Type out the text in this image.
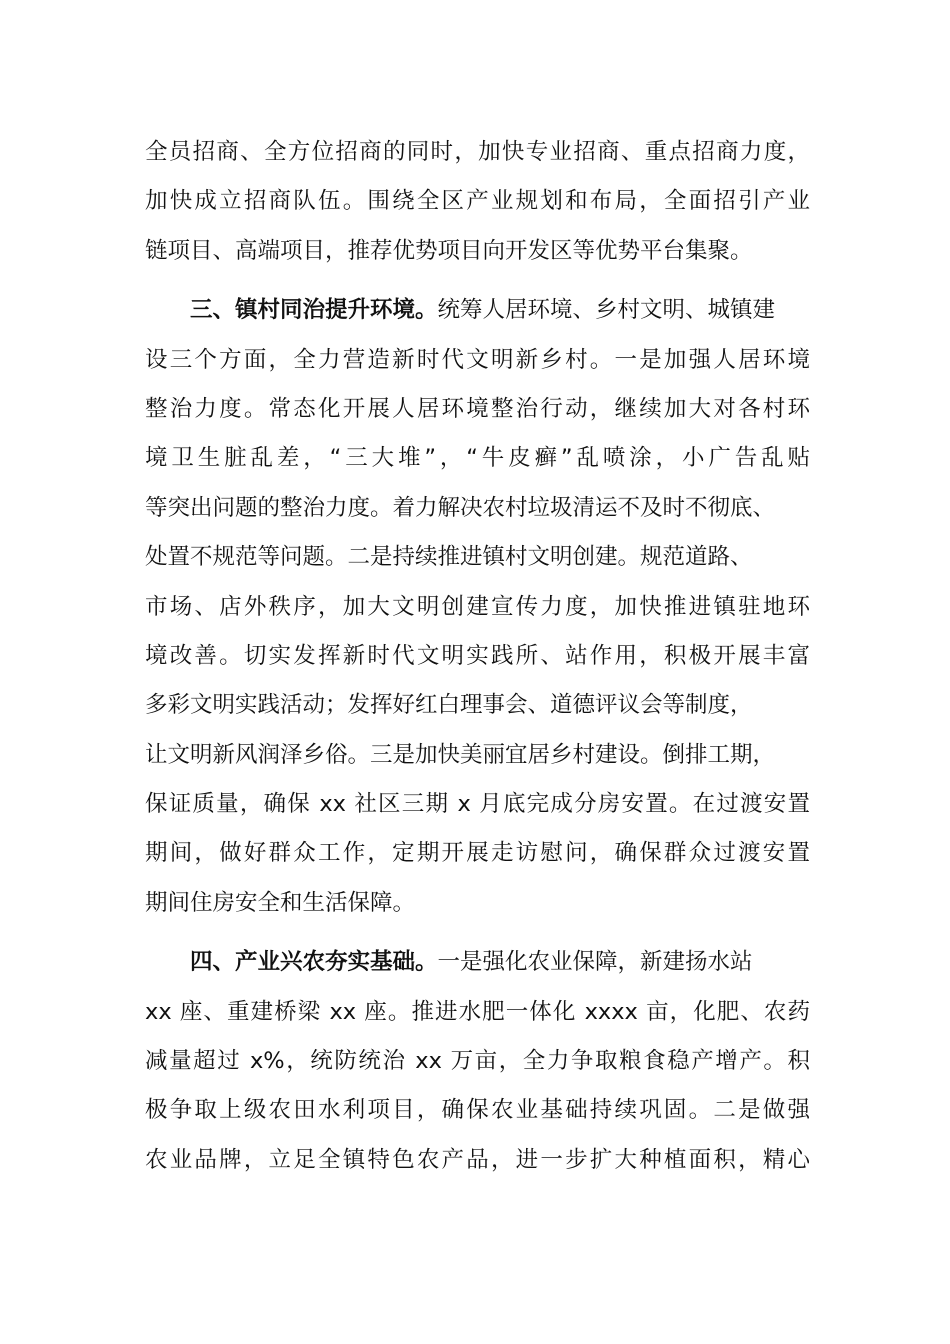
全员招商、全方位招商的同时，加快专业招商、重点招商力度，
加快成立招商队伍。围绕全区产业规划和布局，全面招引产业
链项目、高端项目，推荐优势项目向开发区等优势平台集聚。
三、镇村同治提升环境。统筹人居环境、乡村文明、城镇建
设三个方面，全力营造新时代文明新乡村。一是加强人居环境
整治力度。常态化开展人居环境整治行动，继续加大对各村环
境卫生脏乱差，“三大堆”，“牛皮癣”乱喷涂，小广告乱贴
等突出问题的整治力度。着力解决农村垃圾清运不及时不彻底、
处置不规范等问题。二是持续推进镇村文明创建。规范道路、
市场、店外秩序，加大文明创建宣传力度，加快推进镇驻地环
境改善。切实发挥新时代文明实践所、站作用，积极开展丰富
多彩文明实践活动；发挥好红白理事会、道德评议会等制度，
让文明新风润泽乡俗。三是加快美丽宜居乡村建设。倒排工期，
保证质量，确保 xx 社区三期 x 月底完成分房安置。在过渡安置
期间，做好群众工作，定期开展走访慰问，确保群众过渡安置
期间住房安全和生活保障。
四、产业兴农夯实基础。一是强化农业保障，新建扬水站
xx 座、重建桥梁 xx 座。推进水肥一体化 xxxx 亩，化肥、农药
减量超过 x%，统防统治 xx 万亩，全力争取粮食稳产增产。积
极争取上级农田水利项目，确保农业基础持续巩固。二是做强
农业品牌，立足全镇特色农产品，进一步扩大种植面积，精心
